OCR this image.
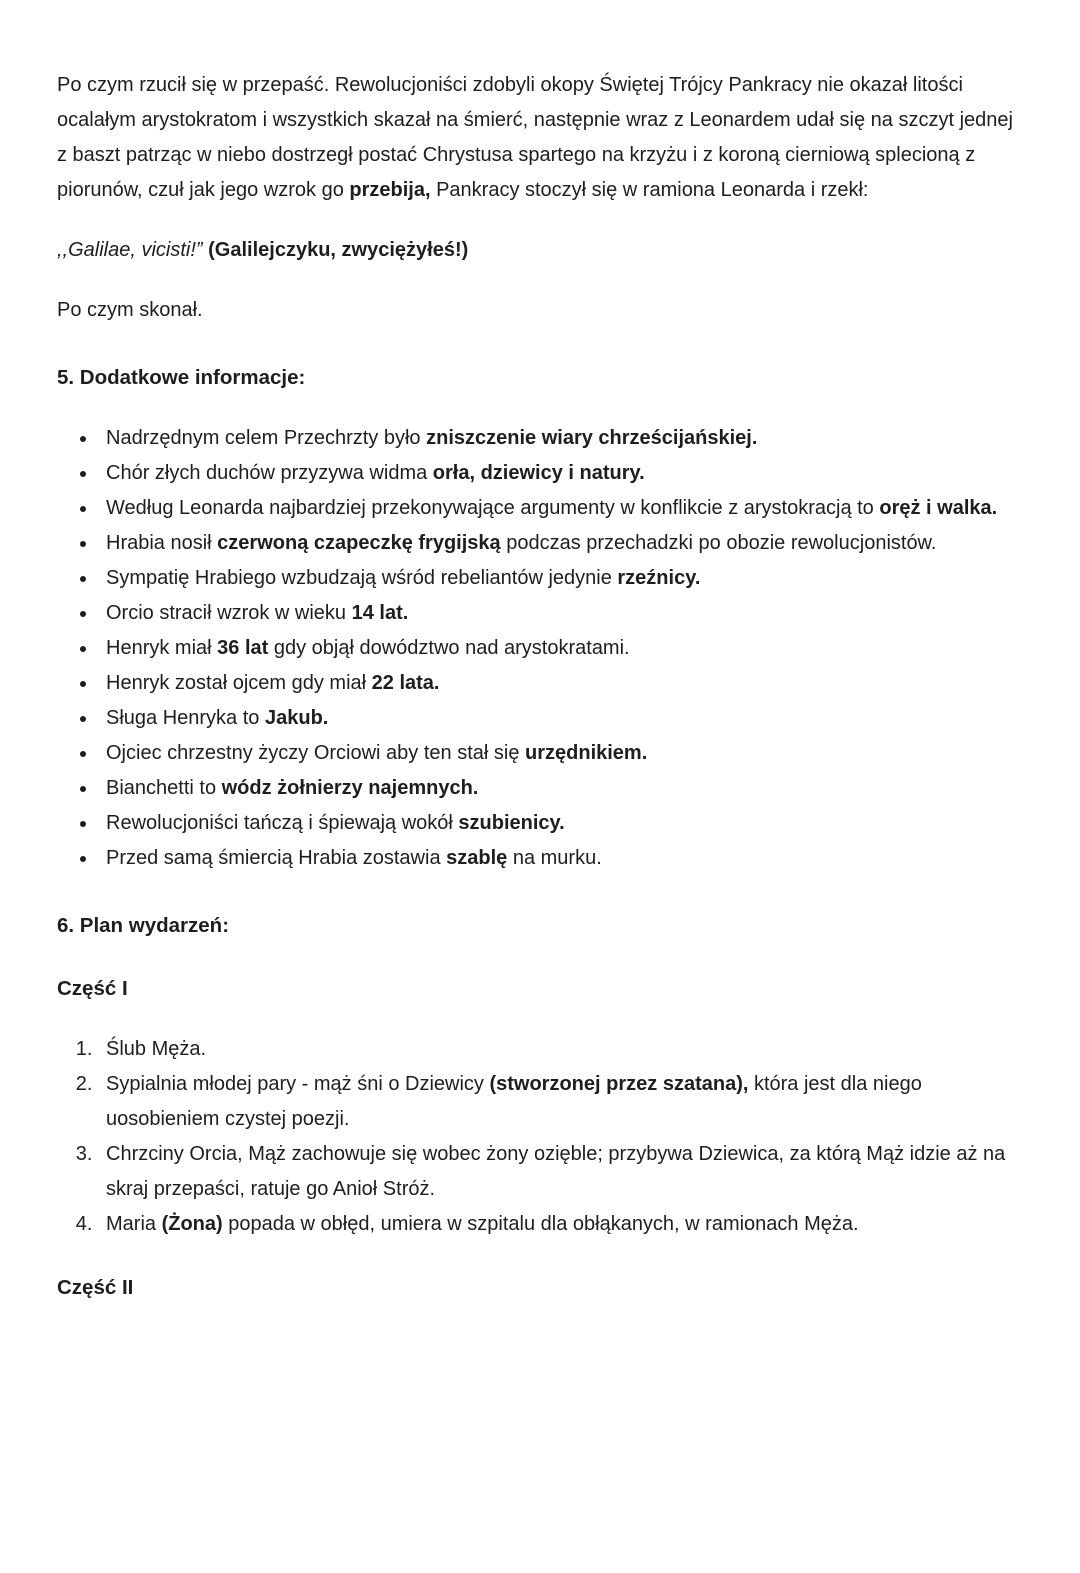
Po czym rzucił się w przepaść. Rewolucjoniści zdobyli okopy Świętej Trójcy Pankracy nie okazał litości ocalałym arystokratom i wszystkich skazał na śmierć, następnie wraz z Leonardem udał się na szczyt jednej z baszt patrząc w niebo dostrzegł postać Chrystusa spartego na krzyżu i z koroną cierniową splecioną z piorunów, czuł jak jego wzrok go przebija, Pankracy stoczył się w ramiona Leonarda i rzekł:

,,Galilae, vicisti!” (Galilejczyku, zwyciężyłeś!)

Po czym skonał.

5. Dodatkowe informacje:
• Nadrzędnym celem Przechrzty było zniszczenie wiary chrześcijańskiej.
• Chór złych duchów przyzywa widma orła, dziewicy i natury.
• Według Leonarda najbardziej przekonywające argumenty w konflikcie z arystokracją to oręż i walka.
• Hrabia nosił czerwoną czapeczkę frygijską podczas przechadzki po obozie rewolucjonistów.
• Sympatię Hrabiego wzbudzają wśród rebeliantów jedynie rzeźnicy.
• Orcio stracił wzrok w wieku 14 lat.
• Henryk miał 36 lat gdy objął dowództwo nad arystokratami.
• Henryk został ojcem gdy miał 22 lata.
• Sługa Henryka to Jakub.
• Ojciec chrzestny życzy Orciowi aby ten stał się urzędnikiem.
• Bianchetti to wódz żołnierzy najemnych.
• Rewolucjoniści tańczą i śpiewają wokół szubienicy.
• Przed samą śmiercią Hrabia zostawia szablę na murku.
6. Plan wydarzeń:
Część I
1. Ślub Męża.
2. Sypialnia młodej pary - mąż śni o Dziewicy (stworzonej przez szatana), która jest dla niego uosobieniem czystej poezji.
3. Chrzciny Orcia, Mąż zachowuje się wobec żony ozięble; przybywa Dziewica, za którą Mąż idzie aż na skraj przepaści, ratuje go Anioł Stróż.
4. Maria (Żona) popada w obłęd, umiera w szpitalu dla obłąkanych, w ramionach Męża.
Część II
